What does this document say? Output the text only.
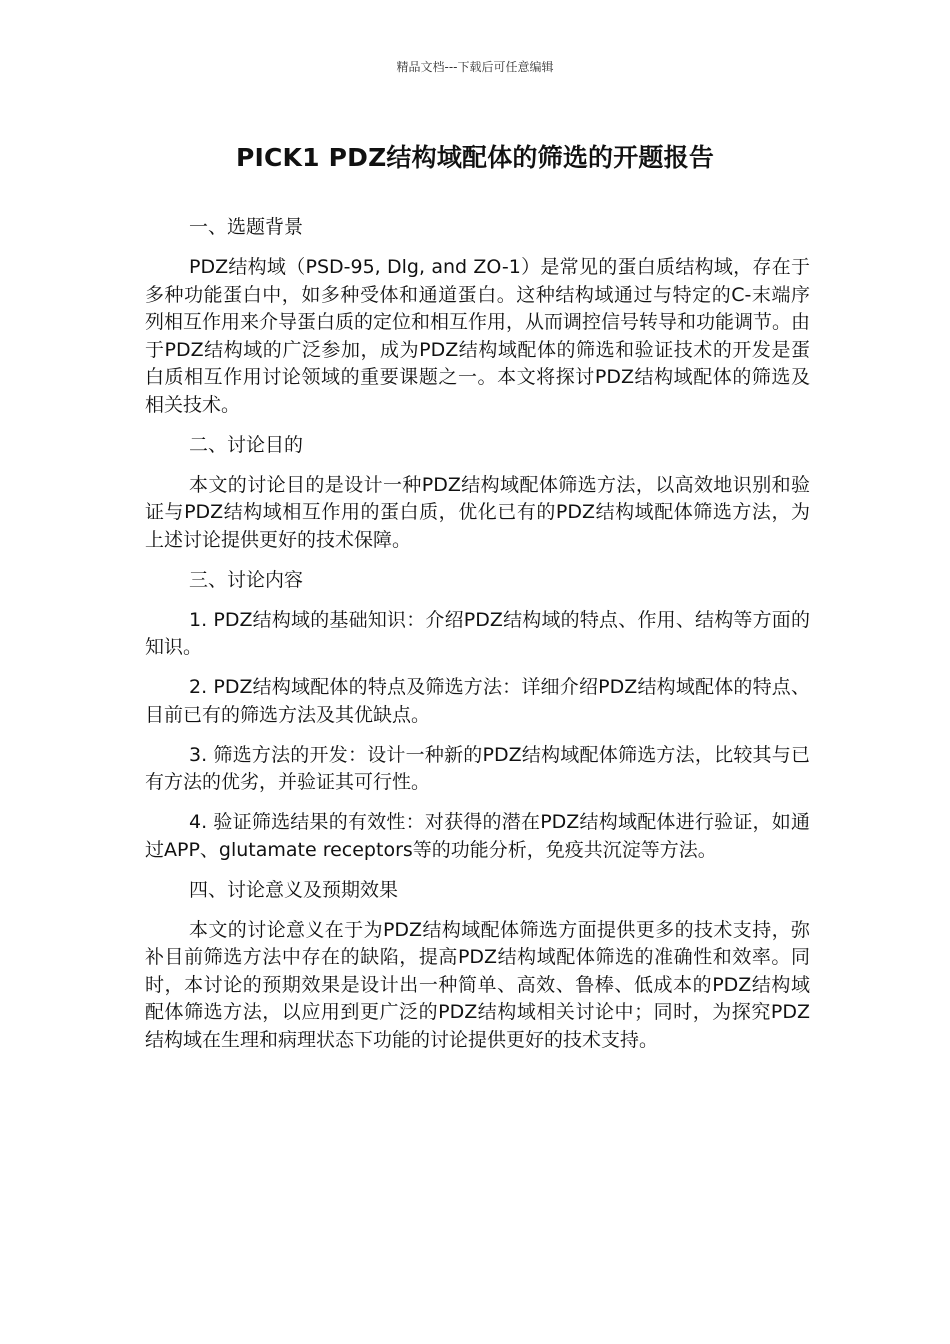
精品文档---下载后可任意编辑
PICK1 PDZ结构域配体的筛选的开题报告

一、选题背景

PDZ结构域（PSD-95, Dlg, and ZO-1）是常见的蛋白质结构域，存在于多种功能蛋白中，如多种受体和通道蛋白。这种结构域通过与特定的C-末端序列相互作用来介导蛋白质的定位和相互作用，从而调控信号转导和功能调节。由于PDZ结构域的广泛参加，成为PDZ结构域配体的筛选和验证技术的开发是蛋白质相互作用讨论领域的重要课题之一。本文将探讨PDZ结构域配体的筛选及相关技术。

二、讨论目的

本文的讨论目的是设计一种PDZ结构域配体筛选方法，以高效地识别和验证与PDZ结构域相互作用的蛋白质，优化已有的PDZ结构域配体筛选方法，为上述讨论提供更好的技术保障。

三、讨论内容

1. PDZ结构域的基础知识：介绍PDZ结构域的特点、作用、结构等方面的知识。

2. PDZ结构域配体的特点及筛选方法：详细介绍PDZ结构域配体的特点、目前已有的筛选方法及其优缺点。

3. 筛选方法的开发：设计一种新的PDZ结构域配体筛选方法，比较其与已有方法的优劣，并验证其可行性。

4. 验证筛选结果的有效性：对获得的潜在PDZ结构域配体进行验证，如通过APP、glutamate receptors等的功能分析，免疫共沉淀等方法。

四、讨论意义及预期效果

本文的讨论意义在于为PDZ结构域配体筛选方面提供更多的技术支持，弥补目前筛选方法中存在的缺陷，提高PDZ结构域配体筛选的准确性和效率。同时，本讨论的预期效果是设计出一种简单、高效、鲁棒、低成本的PDZ结构域配体筛选方法，以应用到更广泛的PDZ结构域相关讨论中；同时，为探究PDZ结构域在生理和病理状态下功能的讨论提供更好的技术支持。
